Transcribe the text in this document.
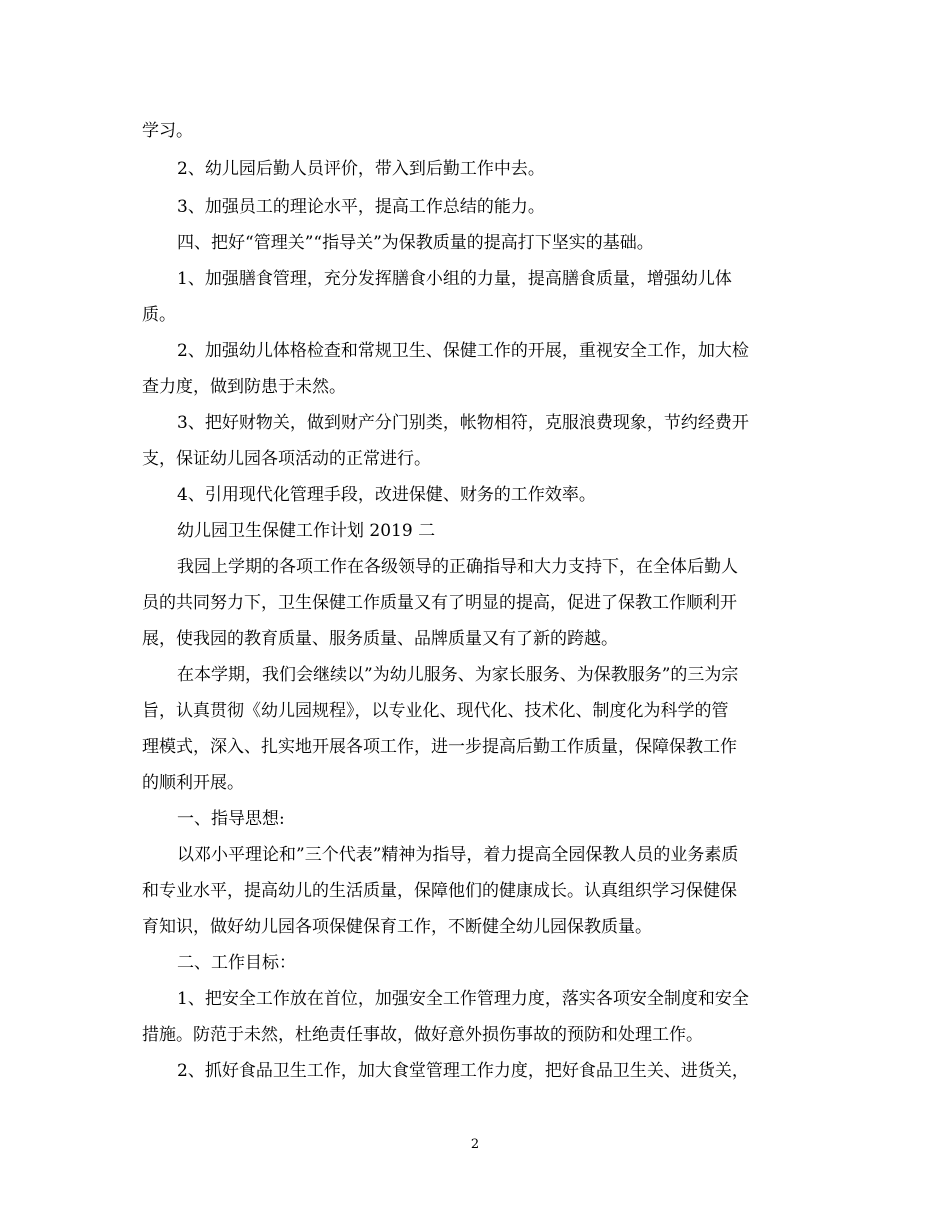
学习。
2、幼儿园后勤人员评价，带入到后勤工作中去。
3、加强员工的理论水平，提高工作总结的能力。
四、把好“管理关”“指导关”为保教质量的提高打下坚实的基础。
1、加强膳食管理，充分发挥膳食小组的力量，提高膳食质量，增强幼儿体
质。
2、加强幼儿体格检查和常规卫生、保健工作的开展，重视安全工作，加大检
查力度，做到防患于未然。
3、把好财物关，做到财产分门别类，帐物相符，克服浪费现象，节约经费开
支，保证幼儿园各项活动的正常进行。
4、引用现代化管理手段，改进保健、财务的工作效率。
幼儿园卫生保健工作计划 2019 二
我园上学期的各项工作在各级领导的正确指导和大力支持下，在全体后勤人
员的共同努力下，卫生保健工作质量又有了明显的提高，促进了保教工作顺利开
展，使我园的教育质量、服务质量、品牌质量又有了新的跨越。
在本学期，我们会继续以”为幼儿服务、为家长服务、为保教服务”的三为宗
旨，认真贯彻《幼儿园规程》，以专业化、现代化、技术化、制度化为科学的管
理模式，深入、扎实地开展各项工作，进一步提高后勤工作质量，保障保教工作
的顺利开展。
一、指导思想:
以邓小平理论和”三个代表”精神为指导，着力提高全园保教人员的业务素质
和专业水平，提高幼儿的生活质量，保障他们的健康成长。认真组织学习保健保
育知识，做好幼儿园各项保健保育工作，不断健全幼儿园保教质量。
二、工作目标：
1、把安全工作放在首位，加强安全工作管理力度，落实各项安全制度和安全
措施。防范于未然，杜绝责任事故，做好意外损伤事故的预防和处理工作。
2、抓好食品卫生工作，加大食堂管理工作力度，把好食品卫生关、进货关，
2
